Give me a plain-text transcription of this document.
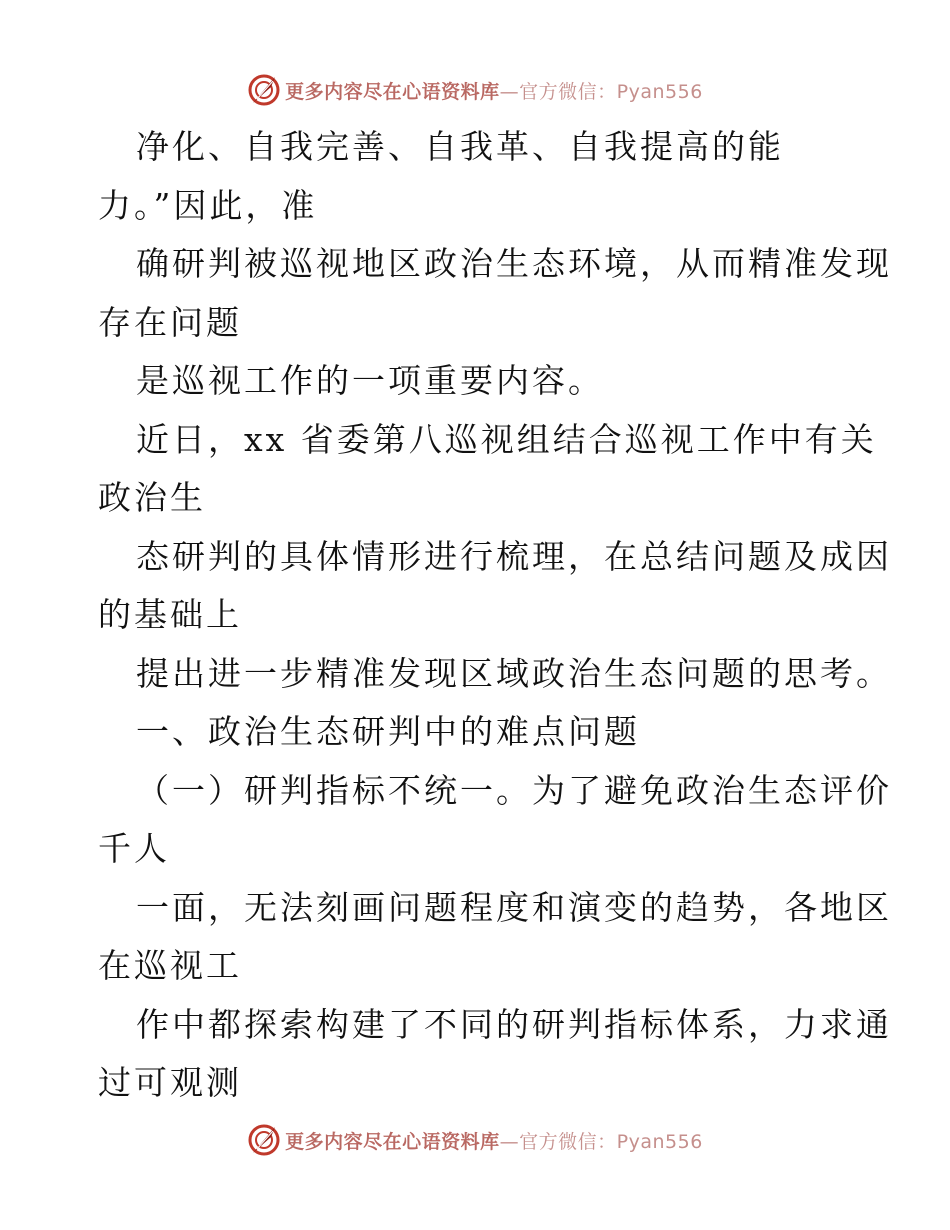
更多内容尽在心语资料库—官方微信：Pyan556
净化、自我完善、自我革、自我提高的能
力。”因此，准
确研判被巡视地区政治生态环境，从而精准发现
存在问题
是巡视工作的一项重要内容。
近日，xx 省委第八巡视组结合巡视工作中有关
政治生
态研判的具体情形进行梳理，在总结问题及成因
的基础上
提出进一步精准发现区域政治生态问题的思考。
一、政治生态研判中的难点问题
（一）研判指标不统一。为了避免政治生态评价
千人
一面，无法刻画问题程度和演变的趋势，各地区
在巡视工
作中都探索构建了不同的研判指标体系，力求通
过可观测
更多内容尽在心语资料库—官方微信：Pyan556
